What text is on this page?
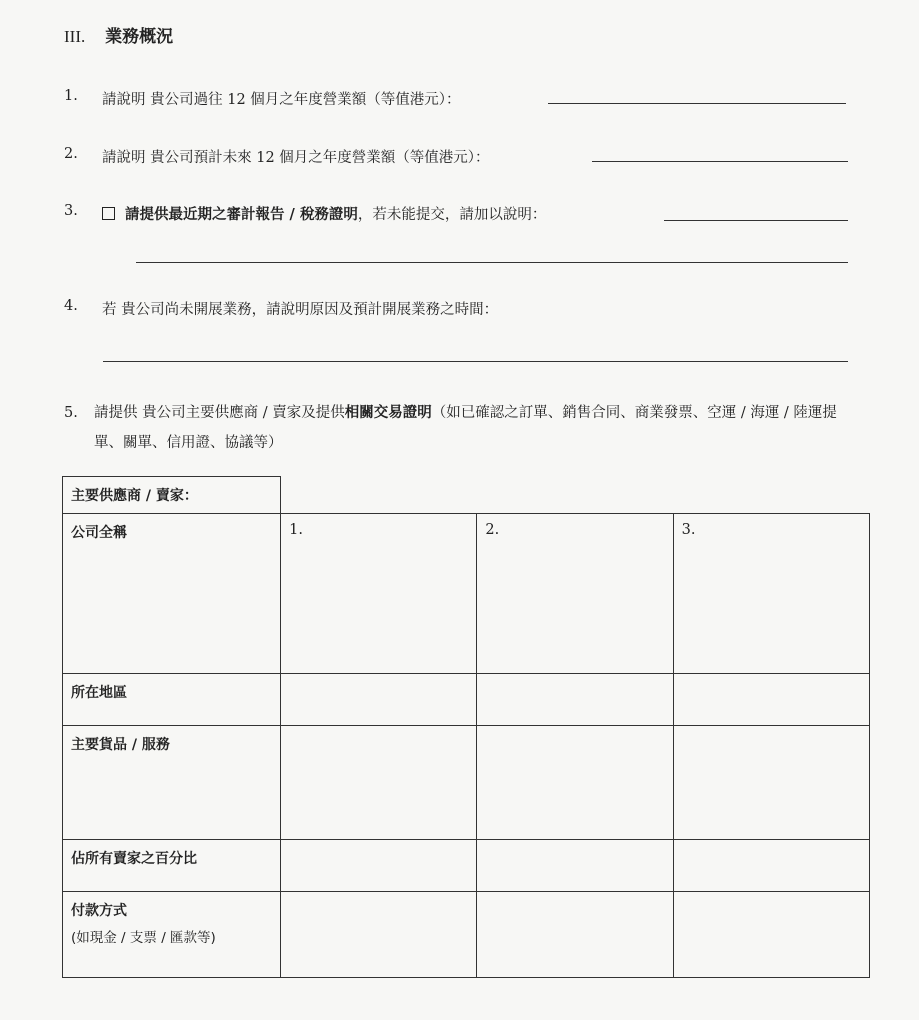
III. 業務概況
1. 請說明 貴公司過往 12 個月之年度營業額（等值港元）：
2. 請說明 貴公司預計未來 12 個月之年度營業額（等值港元）：
3.	請提供最近期之審計報告 / 稅務證明，若未能提交，請加以說明：
4. 若 貴公司尚未開展業務，請說明原因及預計開展業務之時間：
5. 請提供 貴公司主要供應商 / 賣家及提供相關交易證明（如已確認之訂單、銷售合同、商業發票、空運 / 海運 / 陸運提單、關單、信用證、協議等）
主要供應商 / 賣家：			
公司全稱	1.	2.	3.
所在地區			
主要貨品 / 服務			
佔所有賣家之百分比			
付款方式
(如現金 / 支票 / 匯款等)			
